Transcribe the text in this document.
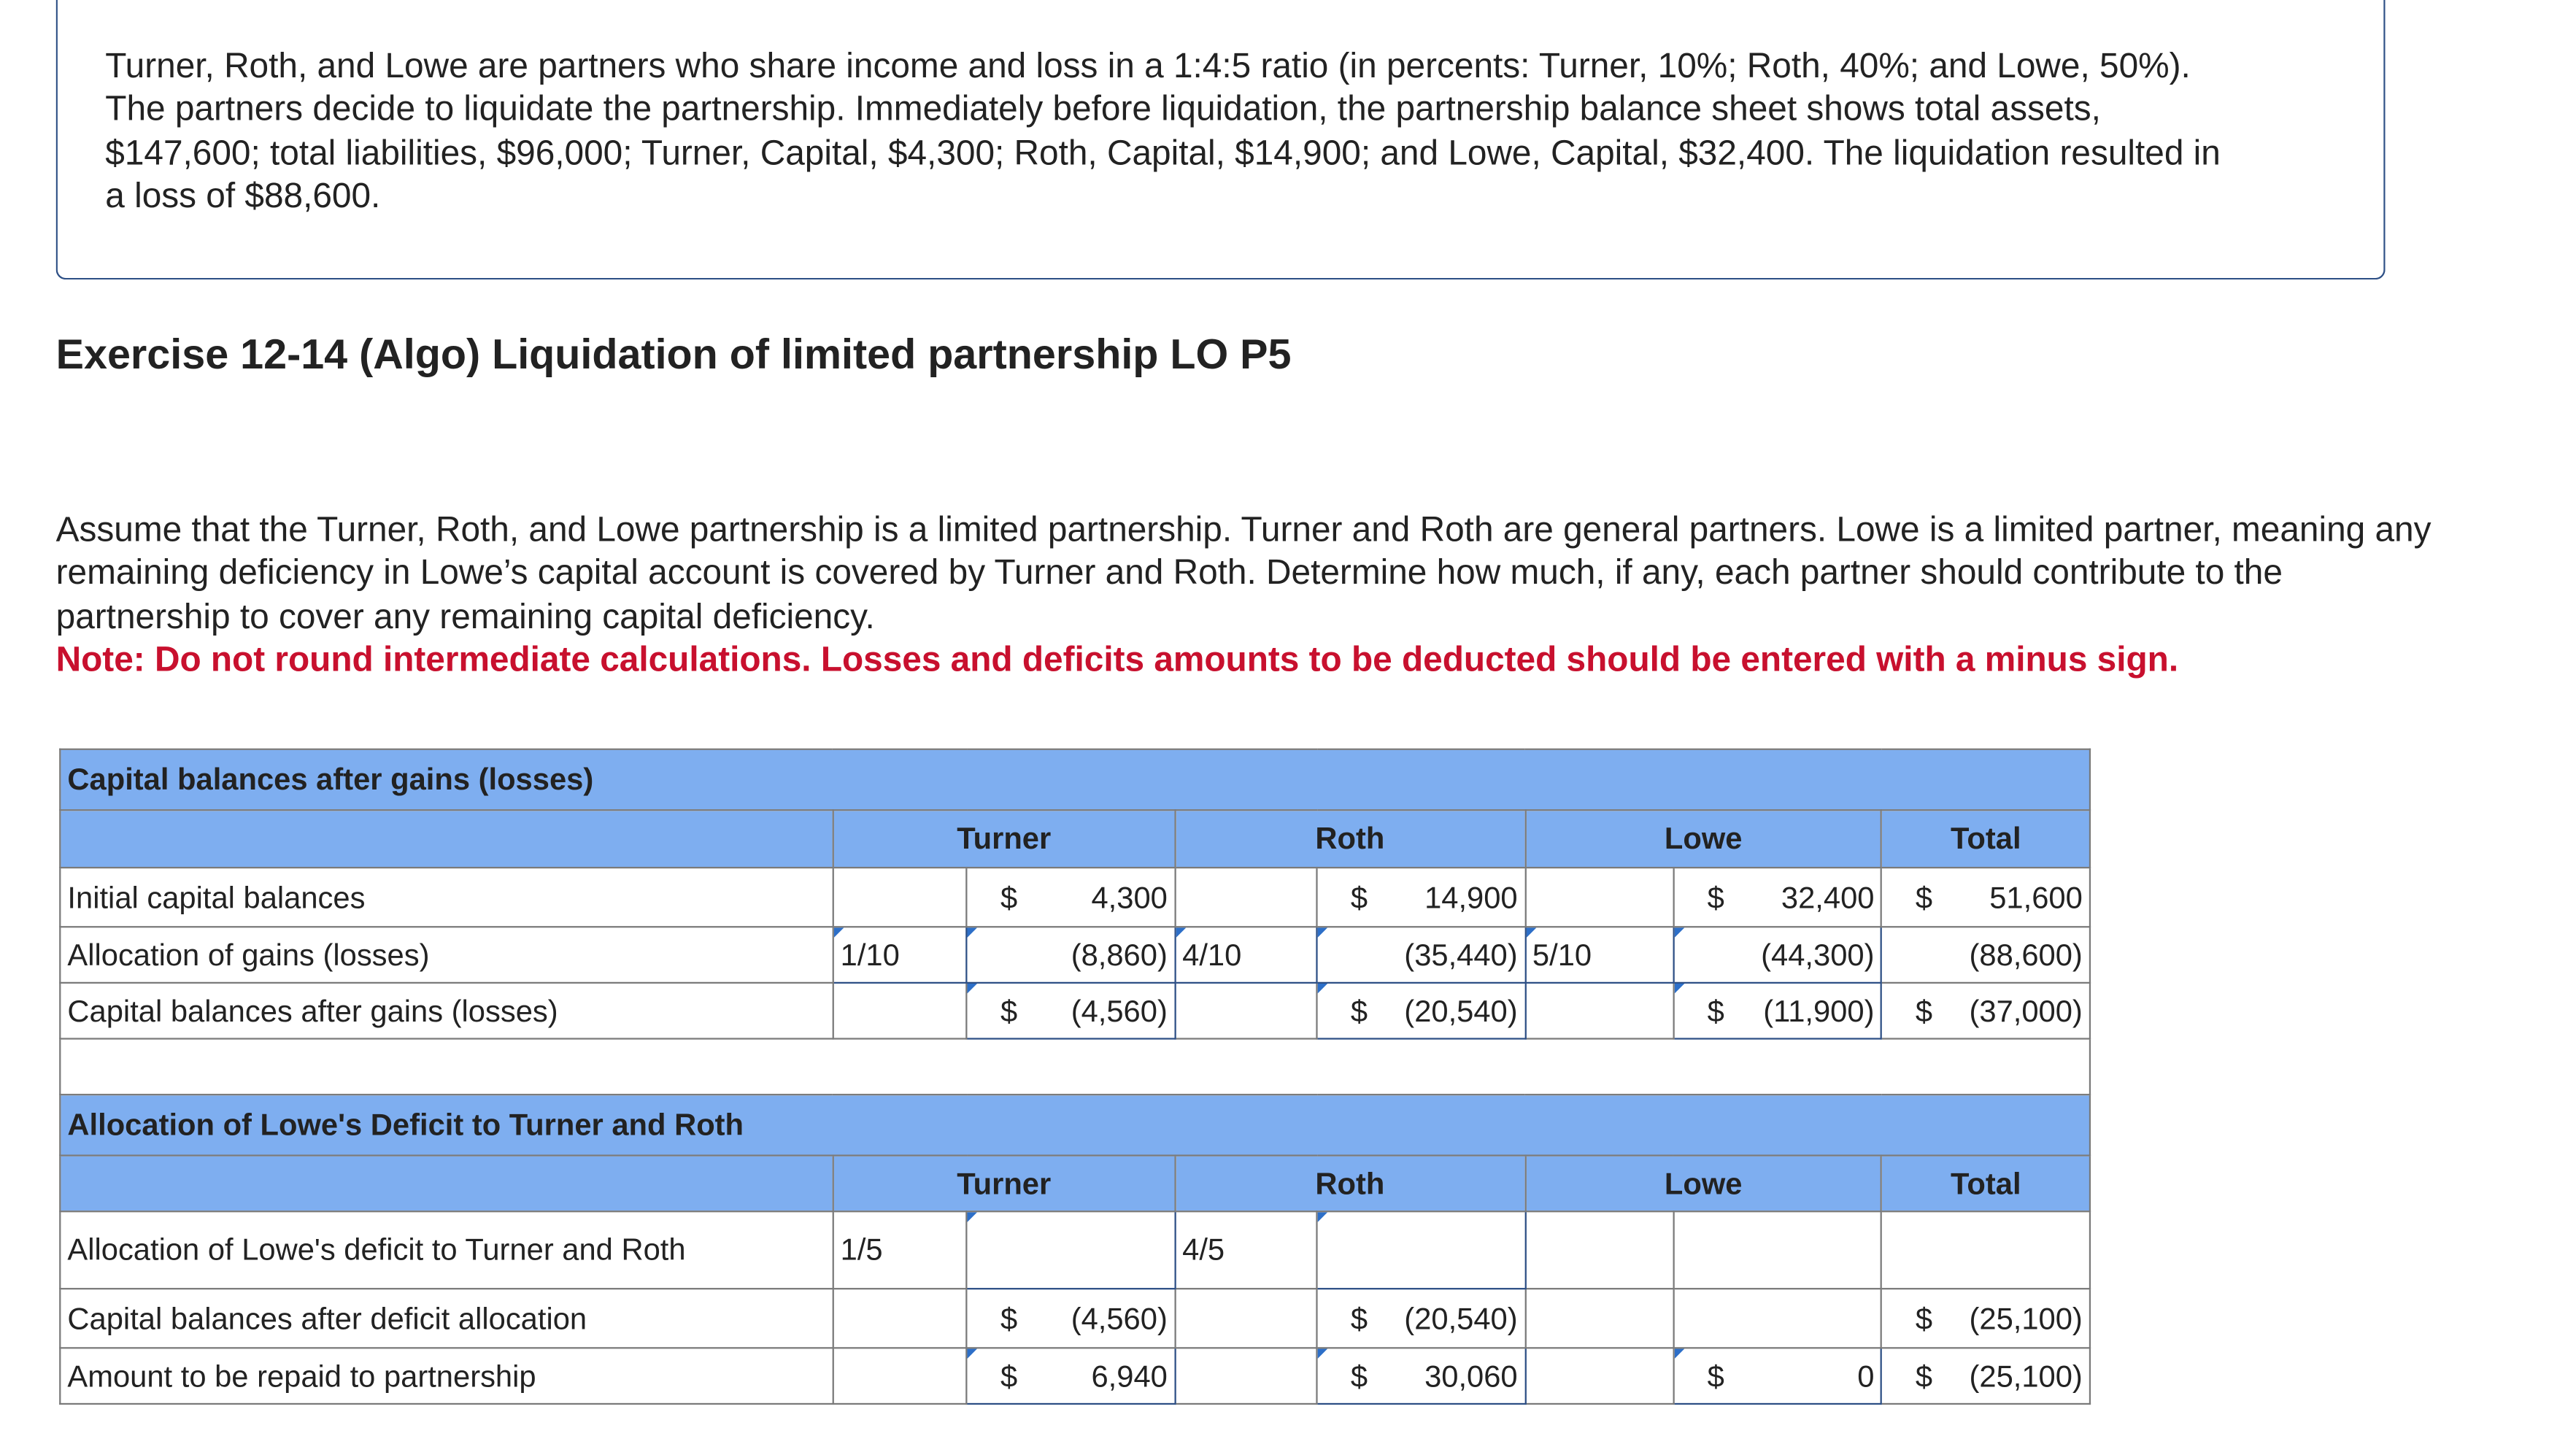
Turner, Roth, and Lowe are partners who share income and loss in a 1:4:5 ratio (in percents: Turner, 10%; Roth, 40%; and Lowe, 50%). The partners decide to liquidate the partnership. Immediately before liquidation, the partnership balance sheet shows total assets, $147,600; total liabilities, $96,000; Turner, Capital, $4,300; Roth, Capital, $14,900; and Lowe, Capital, $32,400. The liquidation resulted in a loss of $88,600.
Exercise 12-14 (Algo) Liquidation of limited partnership LO P5
Assume that the Turner, Roth, and Lowe partnership is a limited partnership. Turner and Roth are general partners. Lowe is a limited partner, meaning any remaining deficiency in Lowe’s capital account is covered by Turner and Roth. Determine how much, if any, each partner should contribute to the partnership to cover any remaining capital deficiency.
Note: Do not round intermediate calculations. Losses and deficits amounts to be deducted should be entered with a minus sign.
Capital balances after gains (losses)							
	Turner		Roth		Lowe		Total
Initial capital balances		$ 4,300		$ 14,900		$ 32,400	$ 51,600

Allocation of gains (losses)	1/10	(8,860)	4/10	(35,440)	5/10	(44,300)	(88,600)
Capital balances after gains (losses)		$ (4,560)		$ (20,540)		$ (11,900)	$ (37,000)

Allocation of Lowe's Deficit to Turner and Roth							
	Turner		Roth		Lowe		Total
Allocation of Lowe's deficit to Turner and Roth	1/5		4/5				
Capital balances after deficit allocation		$ (4,560)		$ (20,540)			$ (25,100)

Amount to be repaid to partnership		$ 6,940		$ 30,060		$ 0	$ (25,100)
